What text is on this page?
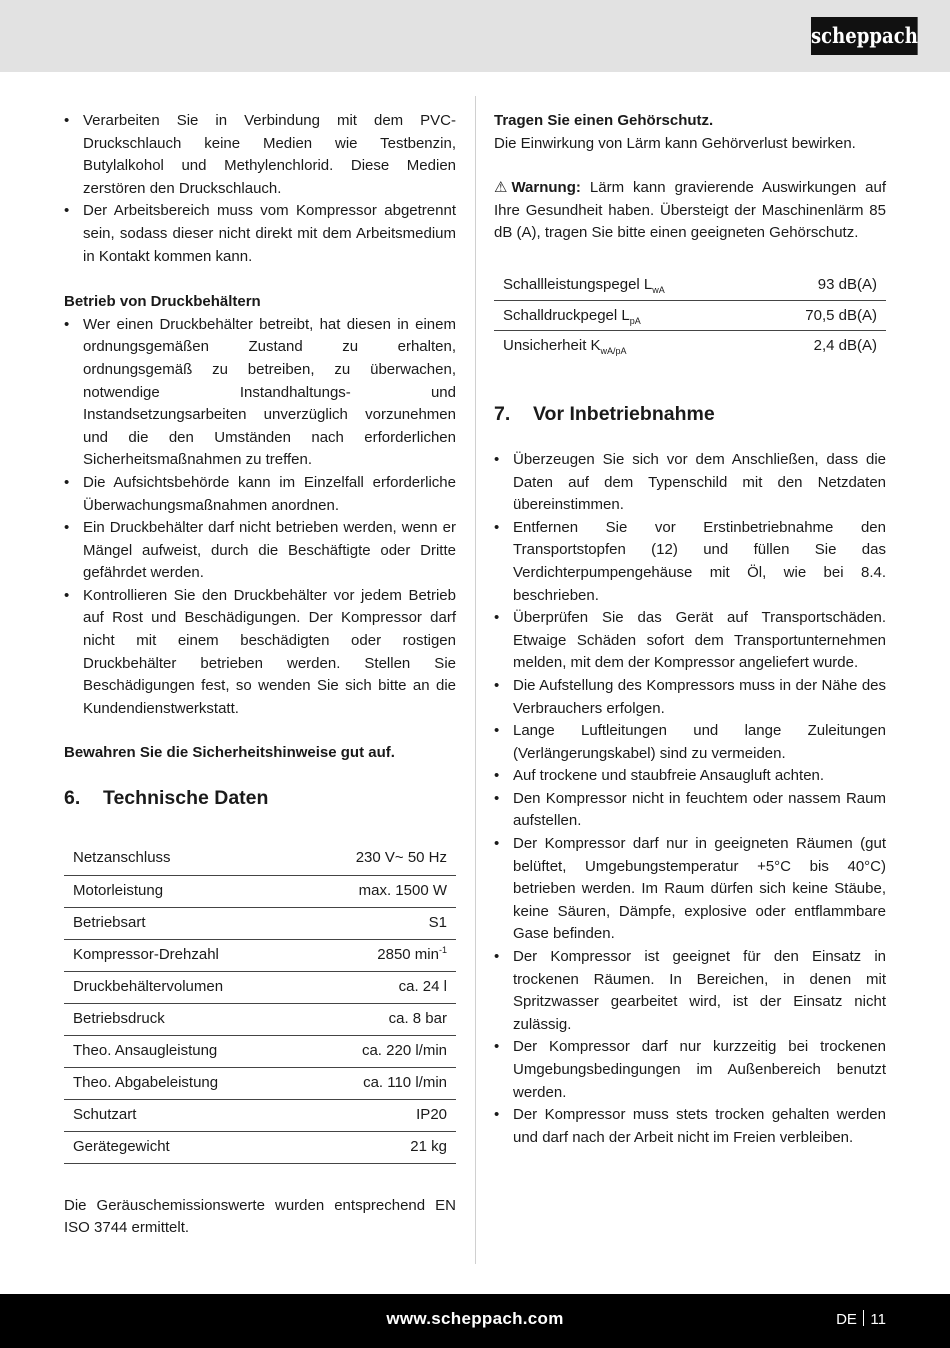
scheppach
• Verarbeiten Sie in Verbindung mit dem PVC-Druckschlauch keine Medien wie Testbenzin, Butylalkohol und Methylenchlorid. Diese Medien zerstören den Druckschlauch.
• Der Arbeitsbereich muss vom Kompressor abgetrennt sein, sodass dieser nicht direkt mit dem Arbeitsmedium in Kontakt kommen kann.
Betrieb von Druckbehältern
• Wer einen Druckbehälter betreibt, hat diesen in einem ordnungsgemäßen Zustand zu erhalten, ordnungsgemäß zu betreiben, zu überwachen, notwendige Instandhaltungs- und Instandsetzungsarbeiten unverzüglich vorzunehmen und die den Umständen nach erforderlichen Sicherheitsmaßnahmen zu treffen.
• Die Aufsichtsbehörde kann im Einzelfall erforderliche Überwachungsmaßnahmen anordnen.
• Ein Druckbehälter darf nicht betrieben werden, wenn er Mängel aufweist, durch die Beschäftigte oder Dritte gefährdet werden.
• Kontrollieren Sie den Druckbehälter vor jedem Betrieb auf Rost und Beschädigungen. Der Kompressor darf nicht mit einem beschädigten oder rostigen Druckbehälter betrieben werden. Stellen Sie Beschädigungen fest, so wenden Sie sich bitte an die Kundendienstwerkstatt.
Bewahren Sie die Sicherheitshinweise gut auf.
6. Technische Daten
Netzanschluss	230 V~ 50 Hz
Motorleistung	max. 1500 W
Betriebsart	S1
Kompressor-Drehzahl	2850 $\min^{-1}$
Druckbehältervolumen	ca. 24 l
Betriebsdruck	ca. 8 bar
Theo. Ansaugleistung	ca. 220 l/min
Theo. Abgabeleistung	ca. 110 l/min
Schutzart	IP20
Gerätegewicht	21 kg

Die Geräuschemissionswerte wurden entsprechend EN ISO 3744 ermittelt.

Tragen Sie einen Gehörschutz.

Die Einwirkung von Lärm kann Gehörverlust bewirken.

⚠ Warnung: Lärm kann gravierende Auswirkungen auf Ihre Gesundheit haben. Übersteigt der Maschinenlärm 85 dB (A), tragen Sie bitte einen geeigneten Gehörschutz.

Schallleistungspegel $L_{wA}$	93 dB(A)
Schalldruckpegel $L_{pA}$	70,5 dB(A)
Unsicherheit $K_{wA/pA}$	2,4 dB(A)
7. Vor Inbetriebnahme
• Überzeugen Sie sich vor dem Anschließen, dass die Daten auf dem Typenschild mit den Netzdaten übereinstimmen.
• Entfernen Sie vor Erstinbetriebnahme den Transportstopfen (12) und füllen Sie das Verdichterpumpengehäuse mit Öl, wie bei 8.4. beschrieben.
• Überprüfen Sie das Gerät auf Transportschäden. Etwaige Schäden sofort dem Transportunternehmen melden, mit dem der Kompressor angeliefert wurde.
• Die Aufstellung des Kompressors muss in der Nähe des Verbrauchers erfolgen.
• Lange Luftleitungen und lange Zuleitungen (Verlängerungskabel) sind zu vermeiden.
• Auf trockene und staubfreie Ansaugluft achten.
• Den Kompressor nicht in feuchtem oder nassem Raum aufstellen.
• Der Kompressor darf nur in geeigneten Räumen (gut belüftet, Umgebungstemperatur +5°C bis 40°C) betrieben werden. Im Raum dürfen sich keine Stäube, keine Säuren, Dämpfe, explosive oder entflammbare Gase befinden.
• Der Kompressor ist geeignet für den Einsatz in trockenen Räumen. In Bereichen, in denen mit Spritzwasser gearbeitet wird, ist der Einsatz nicht zulässig.
• Der Kompressor darf nur kurzzeitig bei trockenen Umgebungsbedingungen im Außenbereich benutzt werden.
• Der Kompressor muss stets trocken gehalten werden und darf nach der Arbeit nicht im Freien verbleiben.
www.scheppach.com	DE 11
